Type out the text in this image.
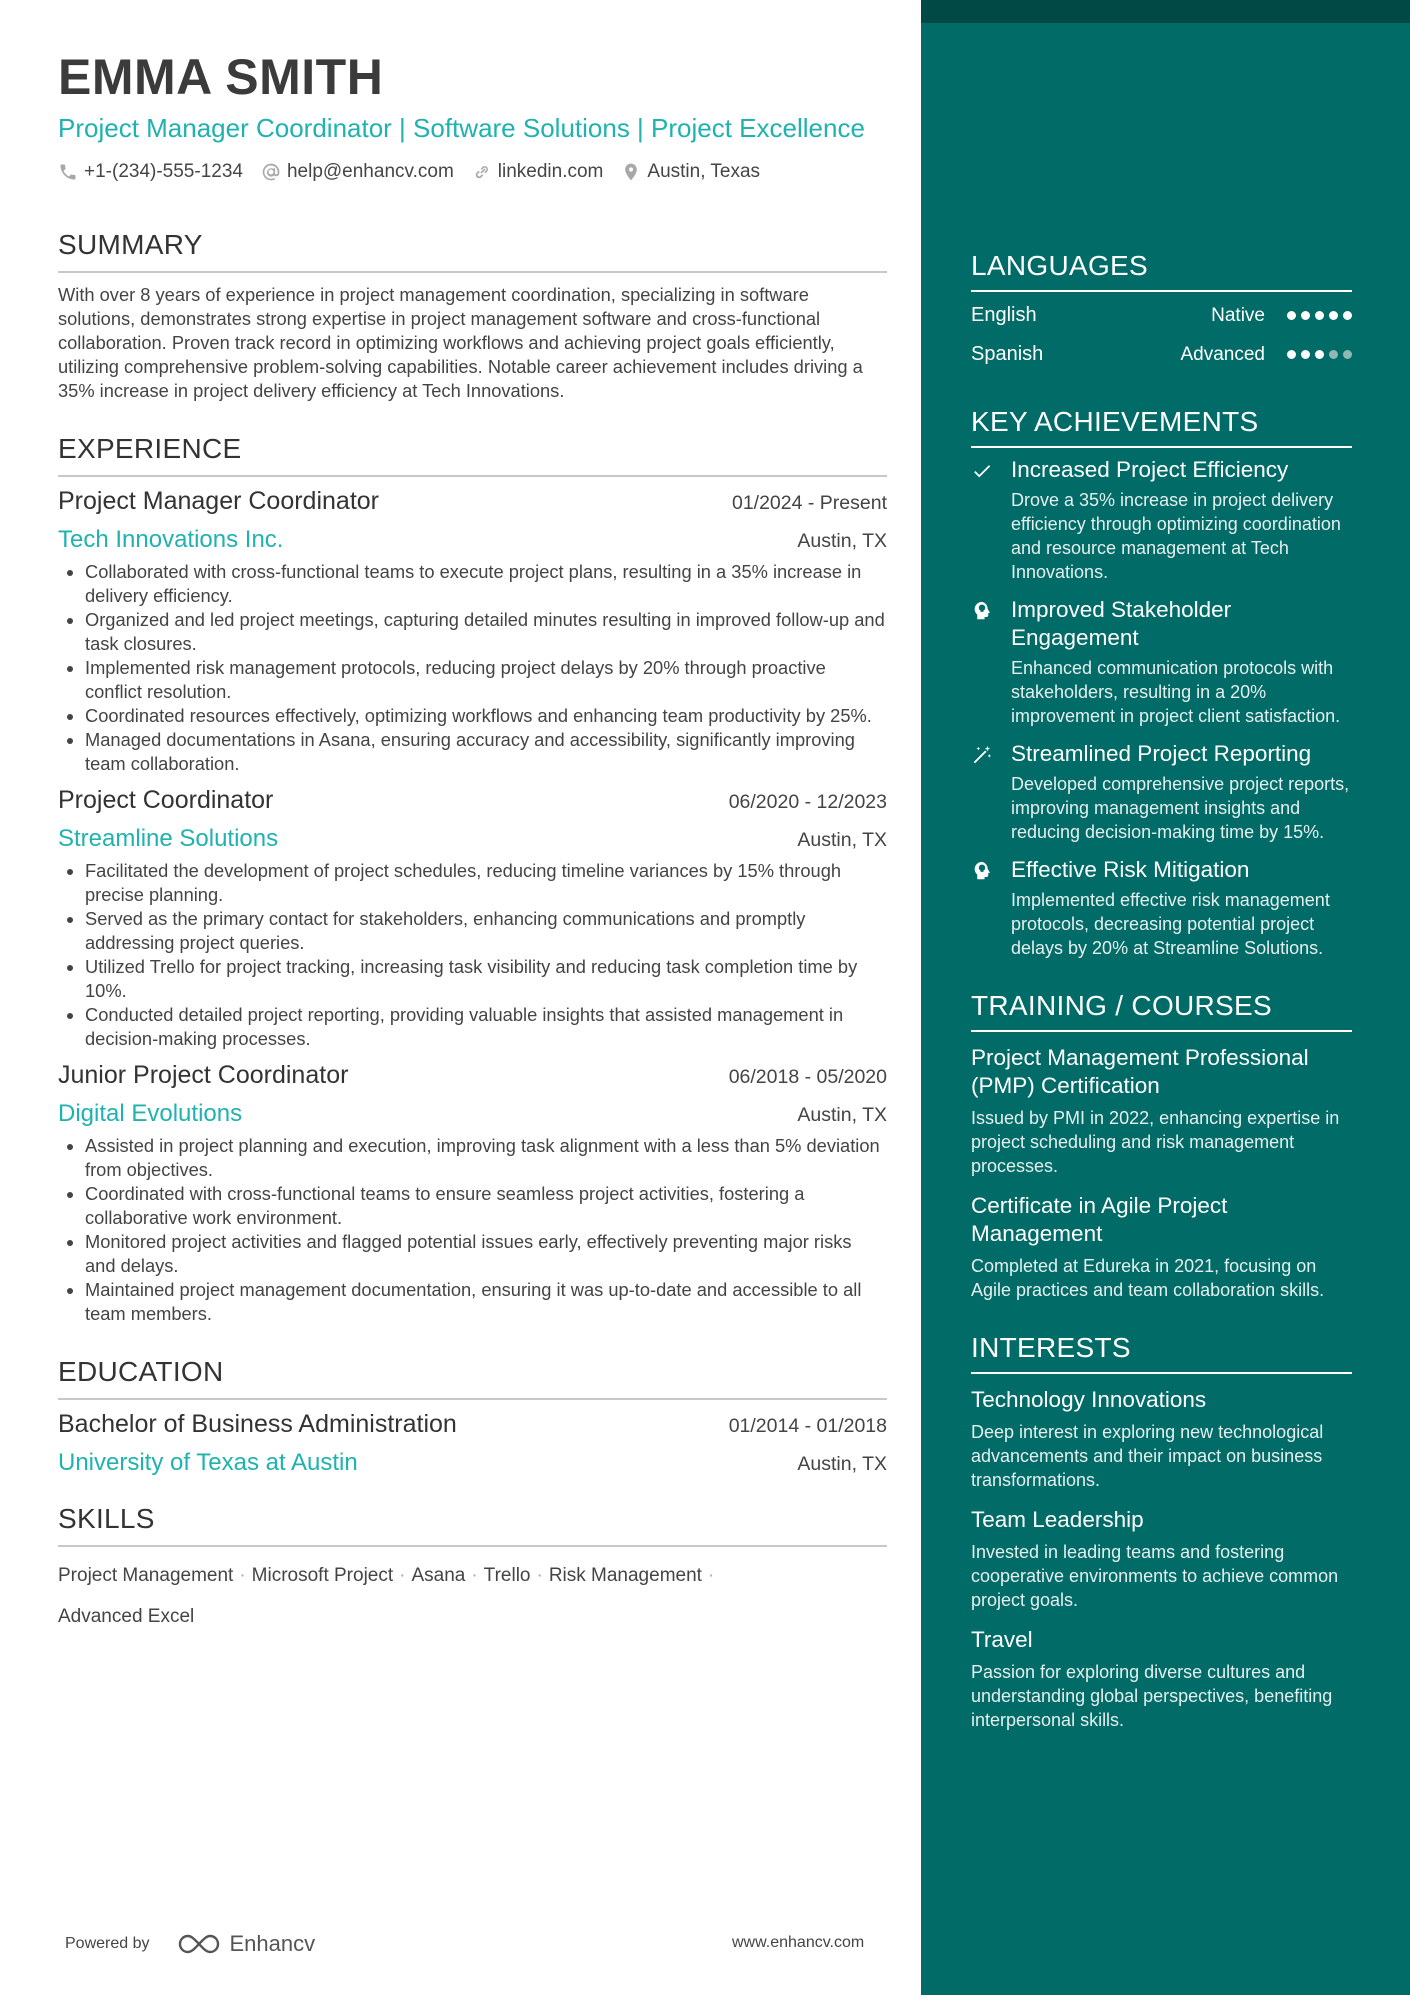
EMMA SMITH

Project Manager Coordinator | Software Solutions | Project Excellence

+1-(234)-555-1234 help@enhancv.com linkedin.com Austin, Texas
SUMMARY

With over 8 years of experience in project management coordination, specializing in software solutions, demonstrates strong expertise in project management software and cross-functional collaboration. Proven track record in optimizing workflows and achieving project goals efficiently, utilizing comprehensive problem-solving capabilities. Notable career achievement includes driving a 35% increase in project delivery efficiency at Tech Innovations.

EXPERIENCE
Project Manager Coordinator	01/2024 - Present
Tech Innovations Inc.	Austin, TX
• Collaborated with cross-functional teams to execute project plans, resulting in a 35% increase in delivery efficiency.
• Organized and led project meetings, capturing detailed minutes resulting in improved follow-up and task closures.
• Implemented risk management protocols, reducing project delays by 20% through proactive conflict resolution.
• Coordinated resources effectively, optimizing workflows and enhancing team productivity by 25%.
• Managed documentations in Asana, ensuring accuracy and accessibility, significantly improving team collaboration.
Project Coordinator	06/2020 - 12/2023
Streamline Solutions	Austin, TX
• Facilitated the development of project schedules, reducing timeline variances by 15% through precise planning.
• Served as the primary contact for stakeholders, enhancing communications and promptly addressing project queries.
• Utilized Trello for project tracking, increasing task visibility and reducing task completion time by 10%.
• Conducted detailed project reporting, providing valuable insights that assisted management in decision-making processes.
Junior Project Coordinator	06/2018 - 05/2020
Digital Evolutions	Austin, TX
• Assisted in project planning and execution, improving task alignment with a less than 5% deviation from objectives.
• Coordinated with cross-functional teams to ensure seamless project activities, fostering a collaborative work environment.
• Monitored project activities and flagged potential issues early, effectively preventing major risks and delays.
• Maintained project management documentation, ensuring it was up-to-date and accessible to all team members.
EDUCATION
Bachelor of Business Administration	01/2014 - 01/2018
University of Texas at Austin	Austin, TX
SKILLS
Project Management · Microsoft Project · Asana · Trello · Risk Management ·
Advanced Excel
Powered by	Enhancv	www.enhancv.com
LANGUAGES
English	Native
Spanish	Advanced
KEY ACHIEVEMENTS
Increased Project Efficiency
Drove a 35% increase in project delivery efficiency through optimizing coordination and resource management at Tech Innovations.
Improved Stakeholder Engagement
Enhanced communication protocols with stakeholders, resulting in a 20% improvement in project client satisfaction.
Streamlined Project Reporting
Developed comprehensive project reports, improving management insights and reducing decision-making time by 15%.
Effective Risk Mitigation
Implemented effective risk management protocols, decreasing potential project delays by 20% at Streamline Solutions.
TRAINING / COURSES
Project Management Professional (PMP) Certification
Issued by PMI in 2022, enhancing expertise in project scheduling and risk management processes.
Certificate in Agile Project Management
Completed at Edureka in 2021, focusing on Agile practices and team collaboration skills.
INTERESTS
Technology Innovations
Deep interest in exploring new technological advancements and their impact on business transformations.
Team Leadership
Invested in leading teams and fostering cooperative environments to achieve common project goals.
Travel
Passion for exploring diverse cultures and understanding global perspectives, benefiting interpersonal skills.
